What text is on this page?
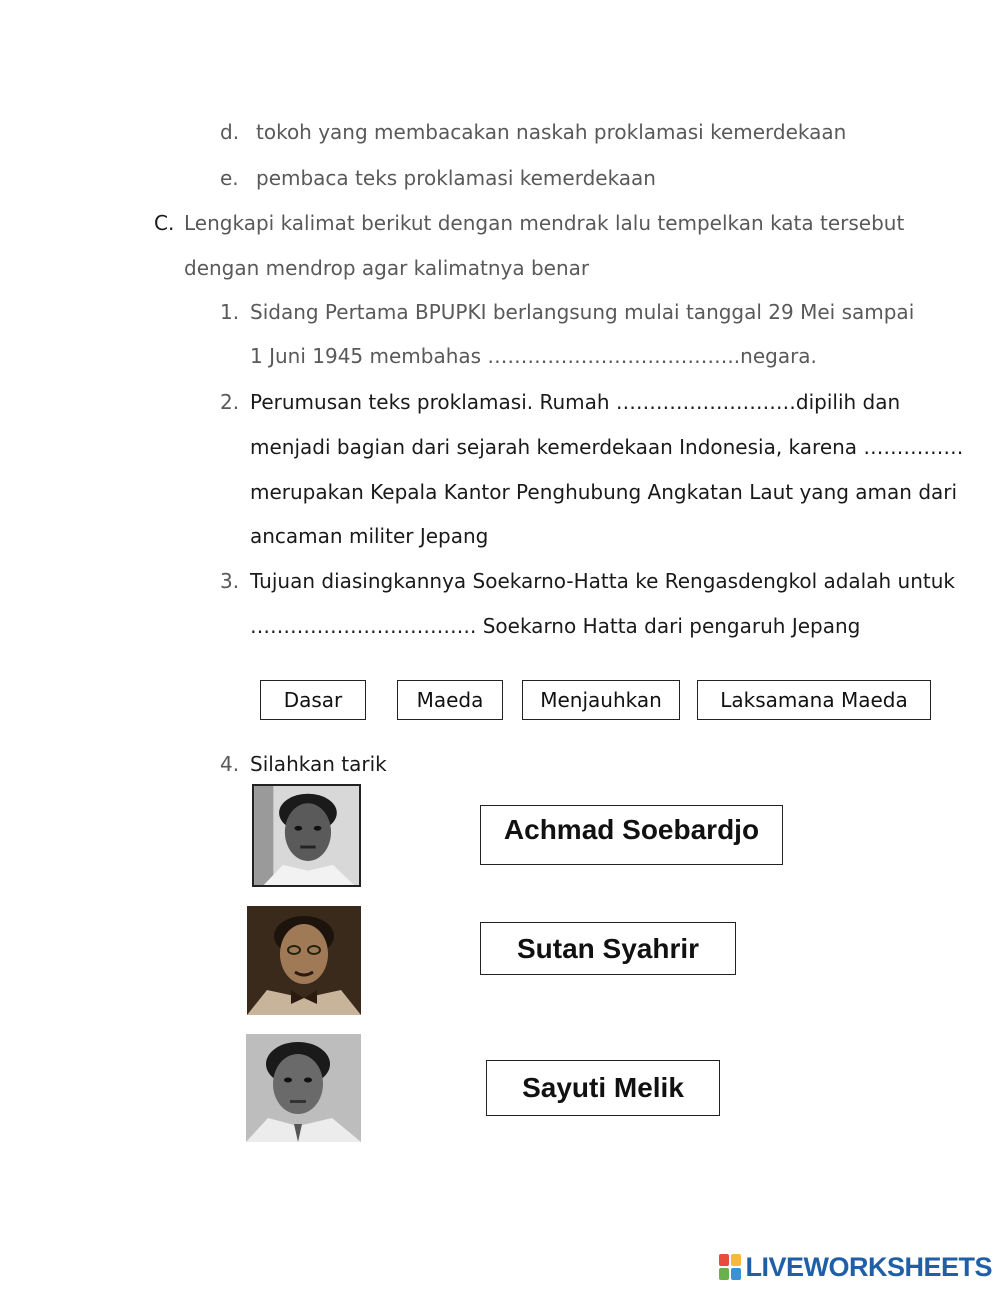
d. tokoh yang membacakan naskah proklamasi kemerdekaan
e. pembaca teks proklamasi kemerdekaan
C. Lengkapi kalimat berikut dengan mendrak lalu tempelkan kata tersebut
dengan mendrop agar kalimatnya benar
1. Sidang Pertama BPUPKI berlangsung mulai tanggal 29 Mei sampai
1 Juni 1945 membahas ………………………………..negara.
2. Perumusan teks proklamasi. Rumah ………………………dipilih dan
menjadi bagian dari sejarah kemerdekaan Indonesia, karena ……………
merupakan Kepala Kantor Penghubung Angkatan Laut yang aman dari
ancaman militer Jepang
3. Tujuan diasingkannya Soekarno-Hatta ke Rengasdengkol adalah untuk
……………………………. Soekarno Hatta dari pengaruh Jepang
Dasar	Maeda	Menjauhkan	Laksamana Maeda
4. Silahkan tarik
Achmad Soebardjo
Sutan Syahrir
Sayuti Melik
LIVEWORKSHEETS
